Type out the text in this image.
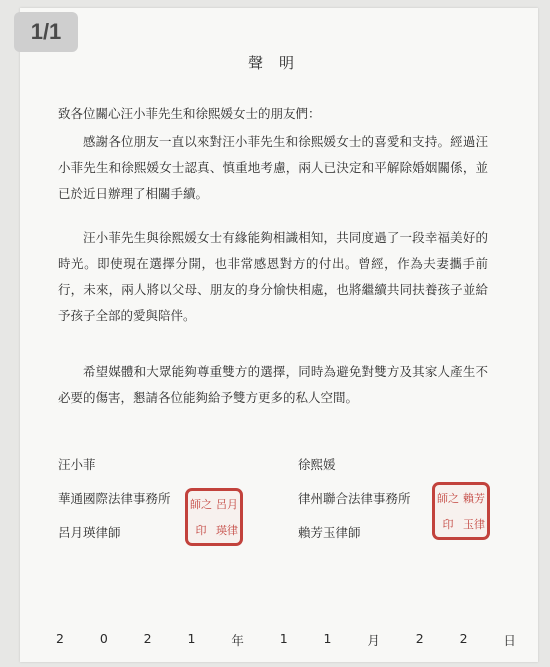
聲明
致各位關心汪小菲先生和徐熙媛女士的朋友們：

感謝各位朋友一直以來對汪小菲先生和徐熙媛女士的喜愛和支持。經過汪小菲先生和徐熙媛女士認真、慎重地考慮，兩人已決定和平解除婚姻關係，並已於近日辦理了相關手續。

汪小菲先生與徐熙媛女士有緣能夠相識相知，共同度過了一段幸福美好的時光。即使現在選擇分開，也非常感恩對方的付出。曾經，作為夫妻攜手前行，未來，兩人將以父母、朋友的身分愉快相處，也將繼續共同扶養孩子並給予孩子全部的愛與陪伴。

希望媒體和大眾能夠尊重雙方的選擇，同時為避免對雙方及其家人產生不必要的傷害，懇請各位能夠給予雙方更多的私人空間。

汪小菲
華通國際法律事務所
呂月瑛律師
師之 呂月
印 瑛律
徐熙媛
律州聯合法律事務所
賴芳玉律師
師之 賴芳
印 玉律
2	0	2	1	年	1	1	月	2	2	日
1/1
